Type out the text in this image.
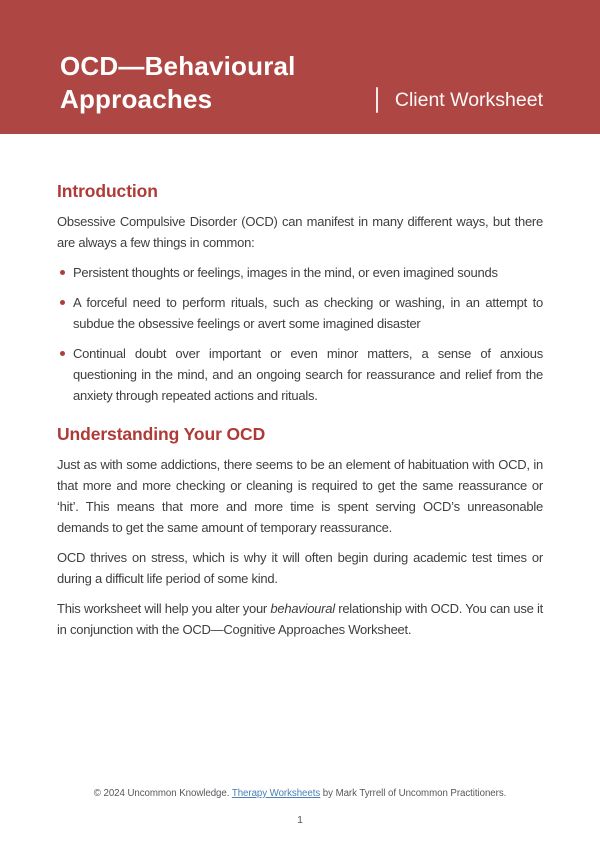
OCD—Behavioural
Approaches	Client Worksheet
Introduction

Obsessive Compulsive Disorder (OCD) can manifest in many different ways, but there are always a few things in common:

Persistent thoughts or feelings, images in the mind, or even imagined sounds
A forceful need to perform rituals, such as checking or washing, in an attempt to subdue the obsessive feelings or avert some imagined disaster
Continual doubt over important or even minor matters, a sense of anxious questioning in the mind, and an ongoing search for reassurance and relief from the anxiety through repeated actions and rituals.
Understanding Your OCD

Just as with some addictions, there seems to be an element of habituation with OCD, in that more and more checking or cleaning is required to get the same reassurance or ‘hit’. This means that more and more time is spent serving OCD’s unreasonable demands to get the same amount of temporary reassurance.

OCD thrives on stress, which is why it will often begin during academic test times or during a difficult life period of some kind.

This worksheet will help you alter your behavioural relationship with OCD. You can use it in conjunction with the OCD—Cognitive Approaches Worksheet.

© 2024 Uncommon Knowledge. Therapy Worksheets by Mark Tyrrell of Uncommon Practitioners.
1
